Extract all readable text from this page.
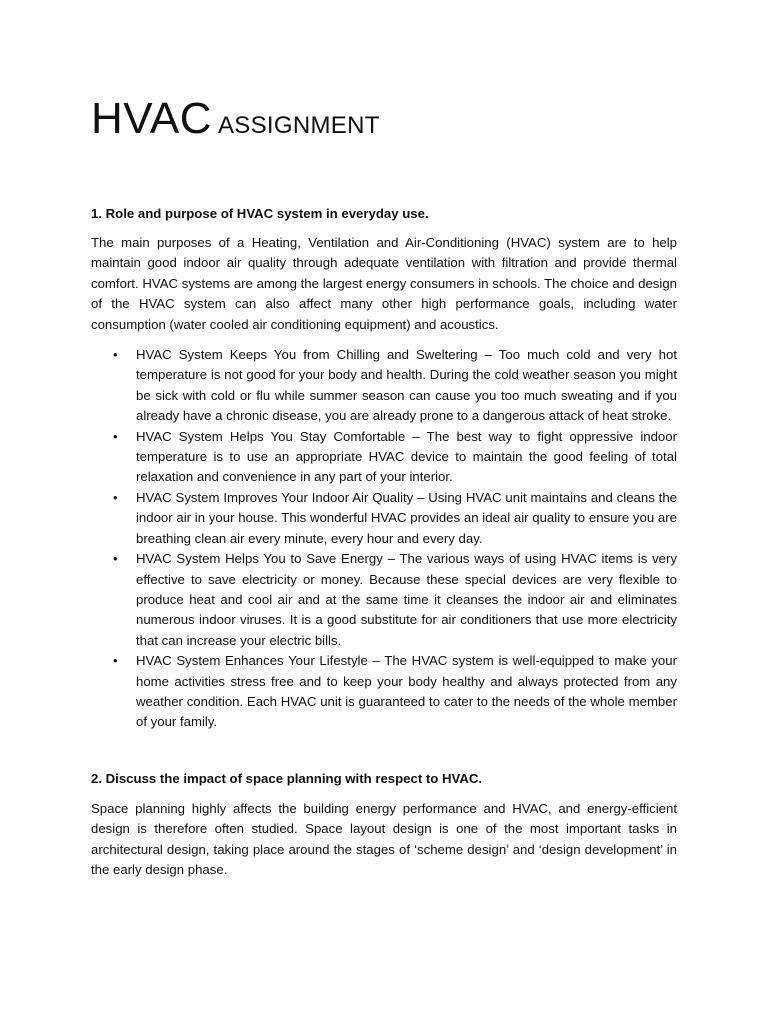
HVAC ASSIGNMENT

1. Role and purpose of HVAC system in everyday use.

The main purposes of a Heating, Ventilation and Air-Conditioning (HVAC) system are to help maintain good indoor air quality through adequate ventilation with filtration and provide thermal comfort. HVAC systems are among the largest energy consumers in schools. The choice and design of the HVAC system can also affect many other high performance goals, including water consumption (water cooled air conditioning equipment) and acoustics.

• HVAC System Keeps You from Chilling and Sweltering – Too much cold and very hot temperature is not good for your body and health. During the cold weather season you might be sick with cold or flu while summer season can cause you too much sweating and if you already have a chronic disease, you are already prone to a dangerous attack of heat stroke.
• HVAC System Helps You Stay Comfortable – The best way to fight oppressive indoor temperature is to use an appropriate HVAC device to maintain the good feeling of total relaxation and convenience in any part of your interior.
• HVAC System Improves Your Indoor Air Quality – Using HVAC unit maintains and cleans the indoor air in your house. This wonderful HVAC provides an ideal air quality to ensure you are breathing clean air every minute, every hour and every day.
• HVAC System Helps You to Save Energy – The various ways of using HVAC items is very effective to save electricity or money. Because these special devices are very flexible to produce heat and cool air and at the same time it cleanses the indoor air and eliminates numerous indoor viruses. It is a good substitute for air conditioners that use more electricity that can increase your electric bills.
• HVAC System Enhances Your Lifestyle – The HVAC system is well-equipped to make your home activities stress free and to keep your body healthy and always protected from any weather condition. Each HVAC unit is guaranteed to cater to the needs of the whole member of your family.

2. Discuss the impact of space planning with respect to HVAC.

Space planning highly affects the building energy performance and HVAC, and energy-efficient design is therefore often studied. Space layout design is one of the most important tasks in architectural design, taking place around the stages of ‘scheme design’ and ‘design development’ in the early design phase.
